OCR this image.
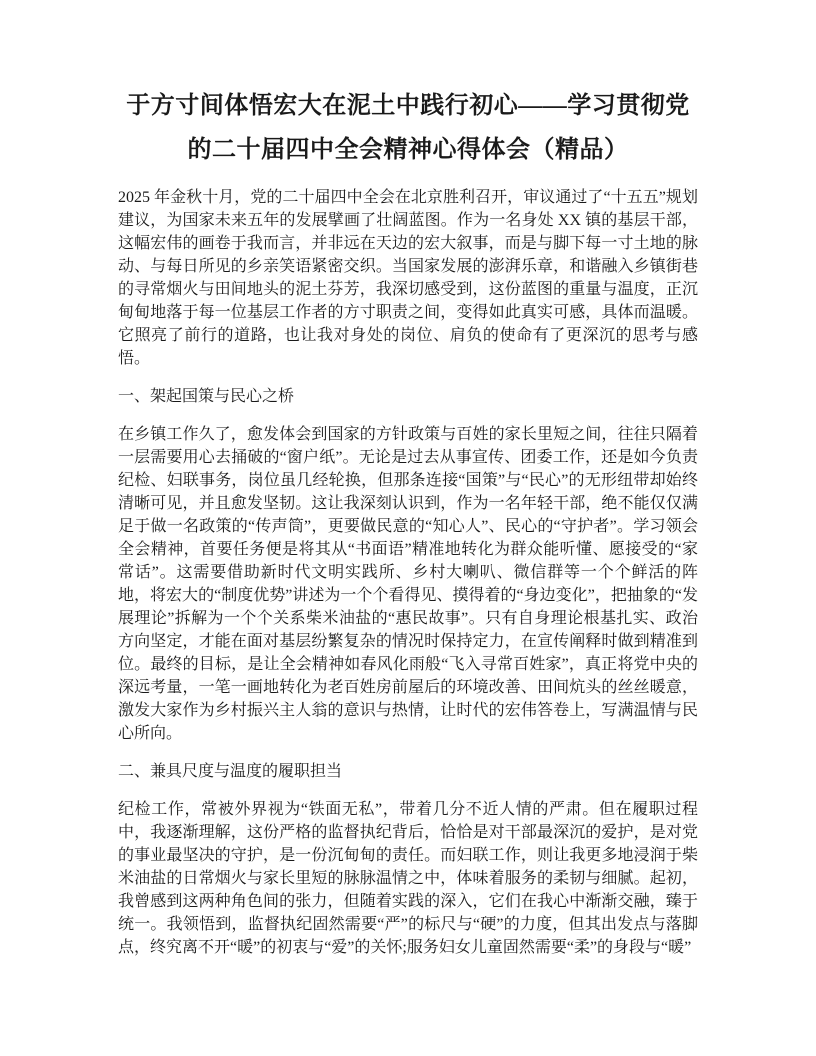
于方寸间体悟宏大在泥土中践行初心——学习贯彻党的二十届四中全会精神心得体会（精品）

2025 年金秋十月，党的二十届四中全会在北京胜利召开，审议通过了“十五五”规划建议，为国家未来五年的发展擘画了壮阔蓝图。作为一名身处 XX 镇的基层干部，这幅宏伟的画卷于我而言，并非远在天边的宏大叙事，而是与脚下每一寸土地的脉动、与每日所见的乡亲笑语紧密交织。当国家发展的澎湃乐章，和谐融入乡镇街巷的寻常烟火与田间地头的泥土芬芳，我深切感受到，这份蓝图的重量与温度，正沉甸甸地落于每一位基层工作者的方寸职责之间，变得如此真实可感，具体而温暖。它照亮了前行的道路，也让我对身处的岗位、肩负的使命有了更深沉的思考与感悟。

一、架起国策与民心之桥

在乡镇工作久了，愈发体会到国家的方针政策与百姓的家长里短之间，往往只隔着一层需要用心去捅破的“窗户纸”。无论是过去从事宣传、团委工作，还是如今负责纪检、妇联事务，岗位虽几经轮换，但那条连接“国策”与“民心”的无形纽带却始终清晰可见，并且愈发坚韧。这让我深刻认识到，作为一名年轻干部，绝不能仅仅满足于做一名政策的“传声筒”，更要做民意的“知心人”、民心的“守护者”。学习领会全会精神，首要任务便是将其从“书面语”精准地转化为群众能听懂、愿接受的“家常话”。这需要借助新时代文明实践所、乡村大喇叭、微信群等一个个鲜活的阵地，将宏大的“制度优势”讲述为一个个看得见、摸得着的“身边变化”，把抽象的“发展理论”拆解为一个个关系柴米油盐的“惠民故事”。只有自身理论根基扎实、政治方向坚定，才能在面对基层纷繁复杂的情况时保持定力，在宣传阐释时做到精准到位。最终的目标，是让全会精神如春风化雨般“飞入寻常百姓家”，真正将党中央的深远考量，一笔一画地转化为老百姓房前屋后的环境改善、田间炕头的丝丝暖意，激发大家作为乡村振兴主人翁的意识与热情，让时代的宏伟答卷上，写满温情与民心所向。

二、兼具尺度与温度的履职担当

纪检工作，常被外界视为“铁面无私”，带着几分不近人情的严肃。但在履职过程中，我逐渐理解，这份严格的监督执纪背后，恰恰是对干部最深沉的爱护，是对党的事业最坚决的守护，是一份沉甸甸的责任。而妇联工作，则让我更多地浸润于柴米油盐的日常烟火与家长里短的脉脉温情之中，体味着服务的柔韧与细腻。起初，我曾感到这两种角色间的张力，但随着实践的深入，它们在我心中渐渐交融，臻于统一。我领悟到，监督执纪固然需要“严”的标尺与“硬”的力度，但其出发点与落脚点，终究离不开“暖”的初衷与“爱”的关怀;服务妇女儿童固然需要“柔”的身段与“暖”
